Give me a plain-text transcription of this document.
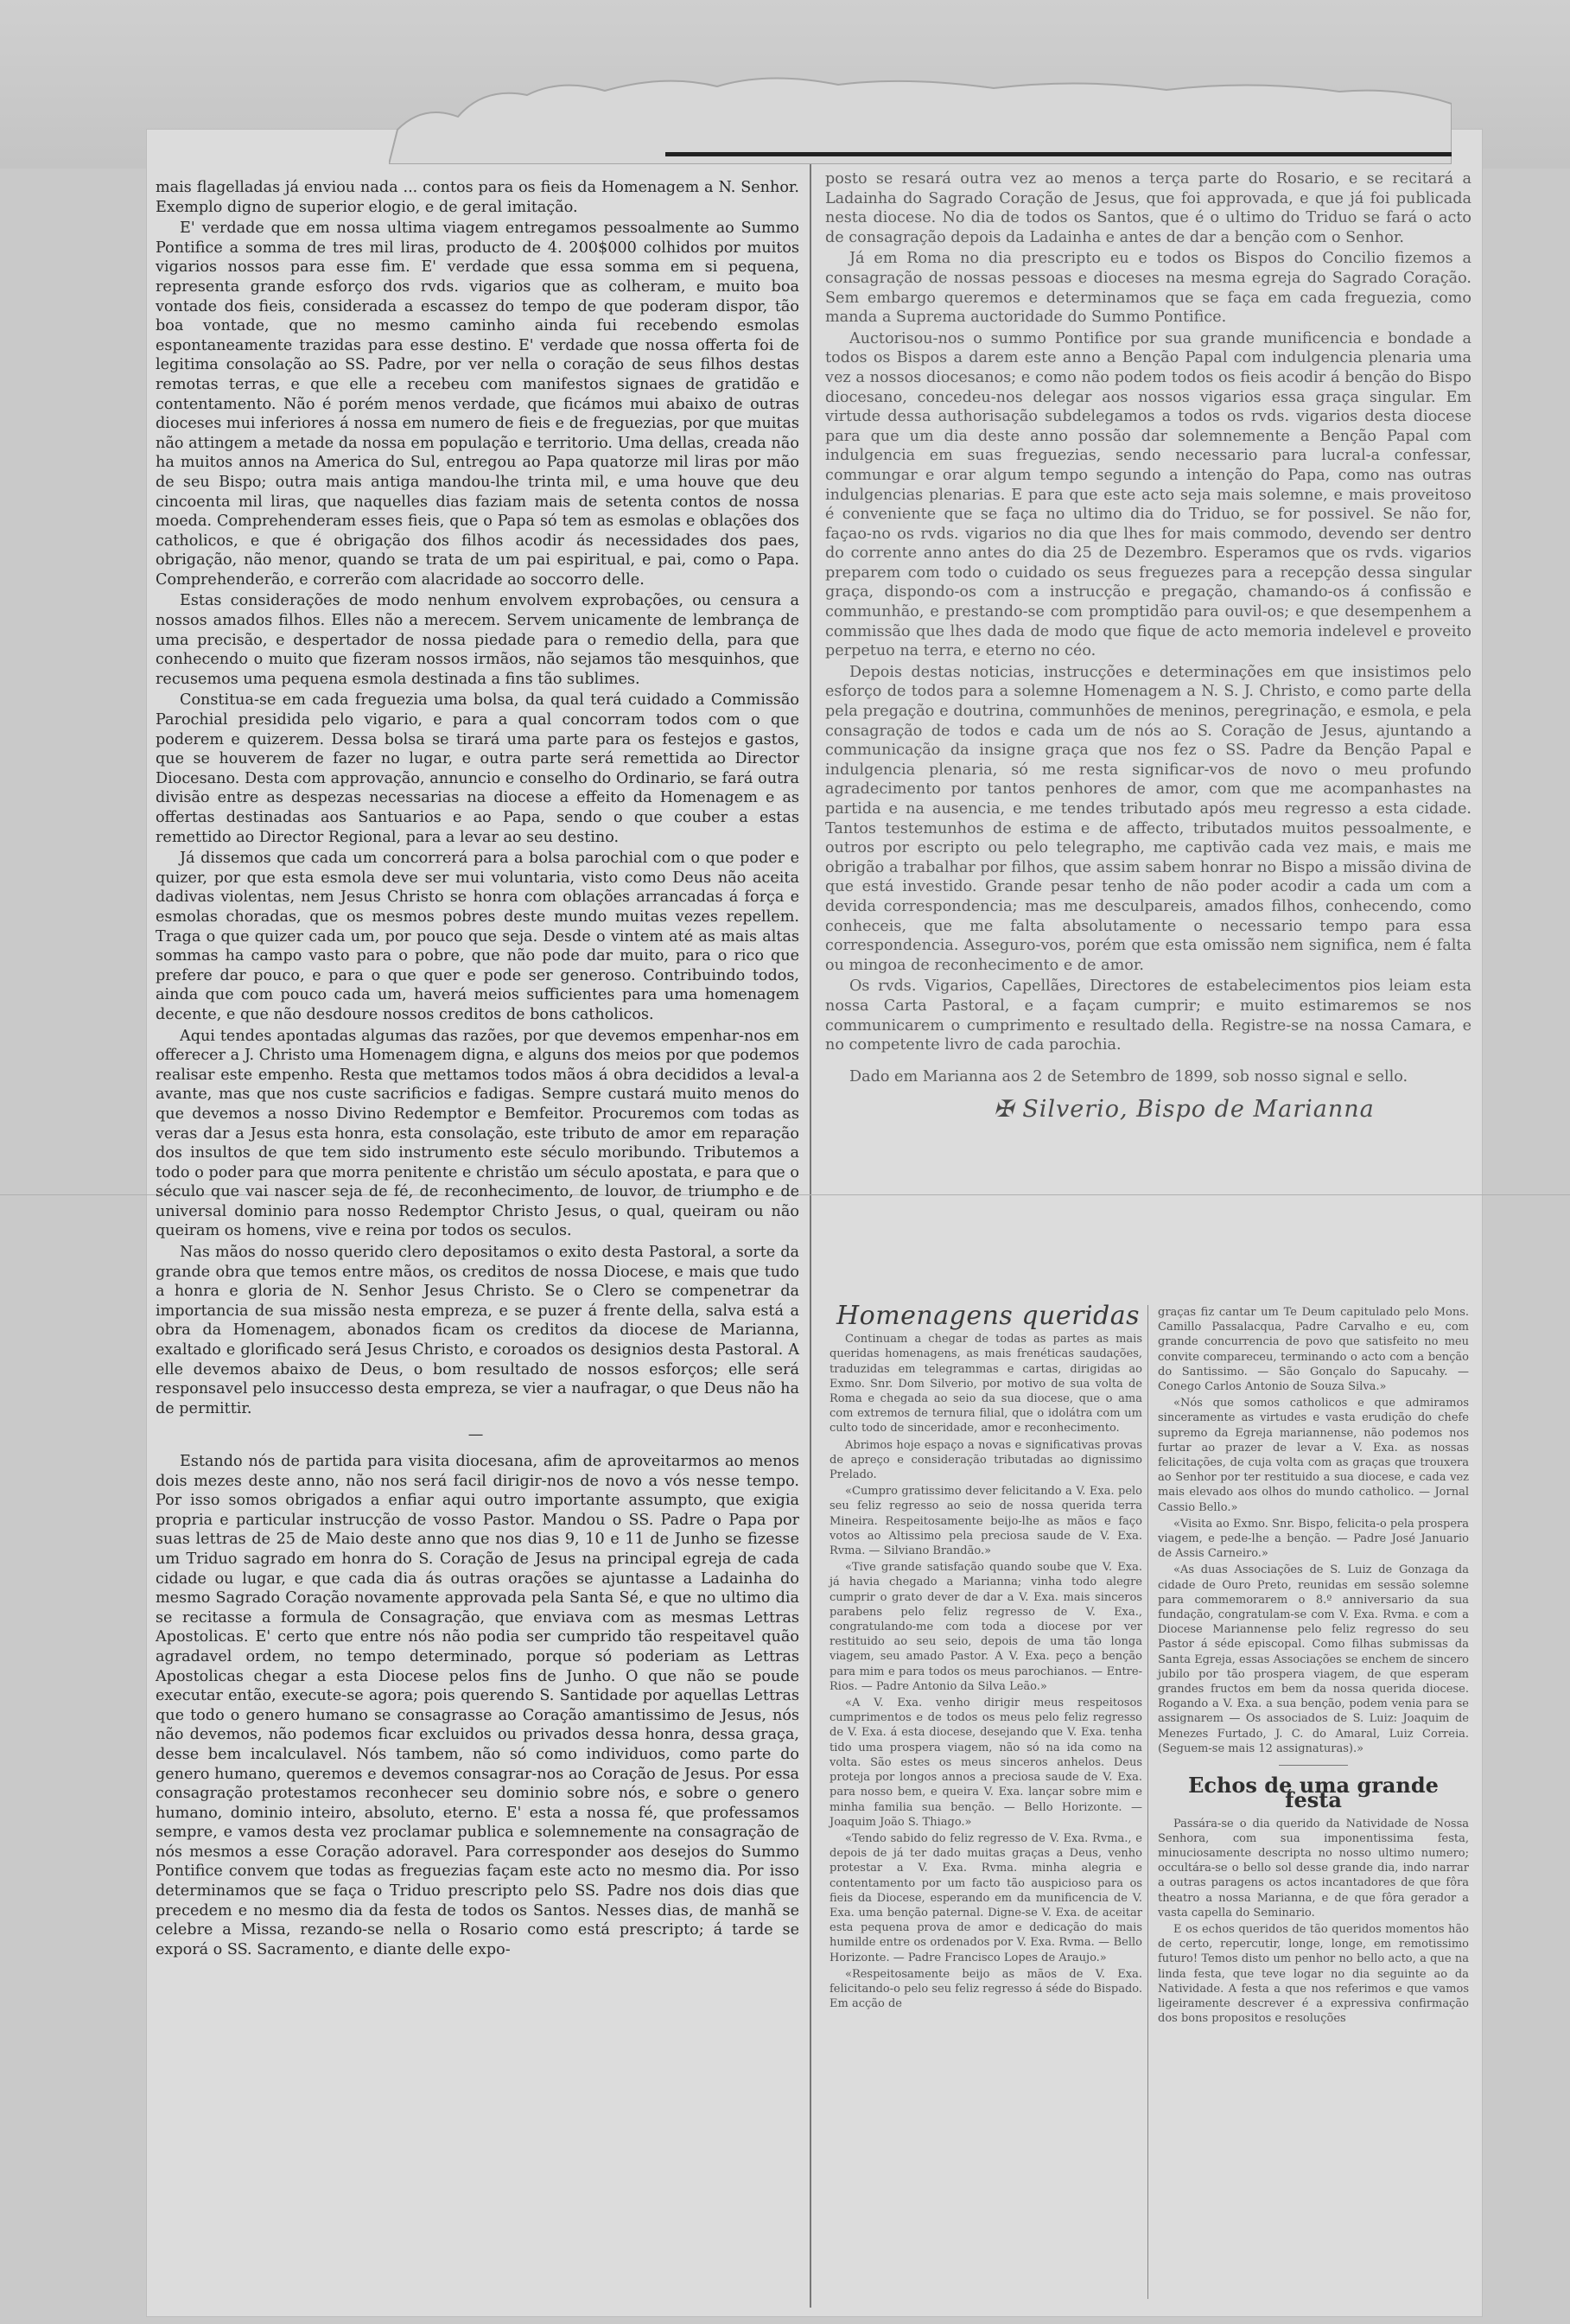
mais flagelladas já enviou nada ... contos para os fieis da Homenagem a N. Senhor. Exemplo digno de superior elogio, e de geral imitação.

E' verdade que em nossa ultima viagem entregamos pessoalmente ao Summo Pontifice a somma de tres mil liras, producto de 4. 200$000 colhidos por muitos vigarios nossos para esse fim. E' verdade que essa somma em si pequena, representa grande esforço dos rvds. vigarios que as colheram, e muito boa vontade dos fieis, considerada a escassez do tempo de que poderam dispor, tão boa vontade, que no mesmo caminho ainda fui recebendo esmolas espontaneamente trazidas para esse destino. E' verdade que nossa offerta foi de legitima consolação ao SS. Padre, por ver nella o coração de seus filhos destas remotas terras, e que elle a recebeu com manifestos signaes de gratidão e contentamento. Não é porém menos verdade, que ficámos mui abaixo de outras dioceses mui inferiores á nossa em numero de fieis e de freguezias, por que muitas não attingem a metade da nossa em população e territorio. Uma dellas, creada não ha muitos annos na America do Sul, entregou ao Papa quatorze mil liras por mão de seu Bispo; outra mais antiga mandou-lhe trinta mil, e uma houve que deu cincoenta mil liras, que naquelles dias faziam mais de setenta contos de nossa moeda. Comprehenderam esses fieis, que o Papa só tem as esmolas e oblações dos catholicos, e que é obrigação dos filhos acodir ás necessidades dos paes, obrigação, não menor, quando se trata de um pai espiritual, e pai, como o Papa. Comprehenderão, e correrão com alacridade ao soccorro delle.

Estas considerações de modo nenhum envolvem exprobações, ou censura a nossos amados filhos. Elles não a merecem. Servem unicamente de lembrança de uma precisão, e despertador de nossa piedade para o remedio della, para que conhecendo o muito que fizeram nossos irmãos, não sejamos tão mesquinhos, que recusemos uma pequena esmola destinada a fins tão sublimes.

Constitua-se em cada freguezia uma bolsa, da qual terá cuidado a Commissão Parochial presidida pelo vigario, e para a qual concorram todos com o que poderem e quizerem. Dessa bolsa se tirará uma parte para os festejos e gastos, que se houverem de fazer no lugar, e outra parte será remettida ao Director Diocesano. Desta com approvação, annuncio e conselho do Ordinario, se fará outra divisão entre as despezas necessarias na diocese a effeito da Homenagem e as offertas destinadas aos Santuarios e ao Papa, sendo o que couber a estas remettido ao Director Regional, para a levar ao seu destino.

Já dissemos que cada um concorrerá para a bolsa parochial com o que poder e quizer, por que esta esmola deve ser mui voluntaria, visto como Deus não aceita dadivas violentas, nem Jesus Christo se honra com oblações arrancadas á força e esmolas choradas, que os mesmos pobres deste mundo muitas vezes repellem. Traga o que quizer cada um, por pouco que seja. Desde o vintem até as mais altas sommas ha campo vasto para o pobre, que não pode dar muito, para o rico que prefere dar pouco, e para o que quer e pode ser generoso. Contribuindo todos, ainda que com pouco cada um, haverá meios sufficientes para uma homenagem decente, e que não desdoure nossos creditos de bons catholicos.

Aqui tendes apontadas algumas das razões, por que devemos empenhar-nos em offerecer a J. Christo uma Homenagem digna, e alguns dos meios por que podemos realisar este empenho. Resta que mettamos todos mãos á obra decididos a leval-a avante, mas que nos custe sacrificios e fadigas. Sempre custará muito menos do que devemos a nosso Divino Redemptor e Bemfeitor. Procuremos com todas as veras dar a Jesus esta honra, esta consolação, este tributo de amor em reparação dos insultos de que tem sido instrumento este século moribundo. Tributemos a todo o poder para que morra penitente e christão um século apostata, e para que o século que vai nascer seja de fé, de reconhecimento, de louvor, de triumpho e de universal dominio para nosso Redemptor Christo Jesus, o qual, queiram ou não queiram os homens, vive e reina por todos os seculos.

Nas mãos do nosso querido clero depositamos o exito desta Pastoral, a sorte da grande obra que temos entre mãos, os creditos de nossa Diocese, e mais que tudo a honra e gloria de N. Senhor Jesus Christo. Se o Clero se compenetrar da importancia de sua missão nesta empreza, e se puzer á frente della, salva está a obra da Homenagem, abonados ficam os creditos da diocese de Marianna, exaltado e glorificado será Jesus Christo, e coroados os designios desta Pastoral. A elle devemos abaixo de Deus, o bom resultado de nossos esforços; elle será responsavel pelo insuccesso desta empreza, se vier a naufragar, o que Deus não ha de permittir.

—

Estando nós de partida para visita diocesana, afim de aproveitarmos ao menos dois mezes deste anno, não nos será facil dirigir-nos de novo a vós nesse tempo. Por isso somos obrigados a enfiar aqui outro importante assumpto, que exigia propria e particular instrucção de vosso Pastor. Mandou o SS. Padre o Papa por suas lettras de 25 de Maio deste anno que nos dias 9, 10 e 11 de Junho se fizesse um Triduo sagrado em honra do S. Coração de Jesus na principal egreja de cada cidade ou lugar, e que cada dia ás outras orações se ajuntasse a Ladainha do mesmo Sagrado Coração novamente approvada pela Santa Sé, e que no ultimo dia se recitasse a formula de Consagração, que enviava com as mesmas Lettras Apostolicas. E' certo que entre nós não podia ser cumprido tão respeitavel quão agradavel ordem, no tempo determinado, porque só poderiam as Lettras Apostolicas chegar a esta Diocese pelos fins de Junho. O que não se poude executar então, execute-se agora; pois querendo S. Santidade por aquellas Lettras que todo o genero humano se consagrasse ao Coração amantissimo de Jesus, nós não devemos, não podemos ficar excluidos ou privados dessa honra, dessa graça, desse bem incalculavel. Nós tambem, não só como individuos, como parte do genero humano, queremos e devemos consagrar-nos ao Coração de Jesus. Por essa consagração protestamos reconhecer seu dominio sobre nós, e sobre o genero humano, dominio inteiro, absoluto, eterno. E' esta a nossa fé, que professamos sempre, e vamos desta vez proclamar publica e solemnemente na consagração de nós mesmos a esse Coração adoravel. Para corresponder aos desejos do Summo Pontifice convem que todas as freguezias façam este acto no mesmo dia. Por isso determinamos que se faça o Triduo prescripto pelo SS. Padre nos dois dias que precedem e no mesmo dia da festa de todos os Santos. Nesses dias, de manhã se celebre a Missa, rezando-se nella o Rosario como está prescripto; á tarde se exporá o SS. Sacramento, e diante delle expo-

posto se resará outra vez ao menos a terça parte do Rosario, e se recitará a Ladainha do Sagrado Coração de Jesus, que foi approvada, e que já foi publicada nesta diocese. No dia de todos os Santos, que é o ultimo do Triduo se fará o acto de consagração depois da Ladainha e antes de dar a benção com o Senhor.

Já em Roma no dia prescripto eu e todos os Bispos do Concilio fizemos a consagração de nossas pessoas e dioceses na mesma egreja do Sagrado Coração. Sem embargo queremos e determinamos que se faça em cada freguezia, como manda a Suprema auctoridade do Summo Pontifice.

Auctorisou-nos o summo Pontifice por sua grande munificencia e bondade a todos os Bispos a darem este anno a Benção Papal com indulgencia plenaria uma vez a nossos diocesanos; e como não podem todos os fieis acodir á benção do Bispo diocesano, concedeu-nos delegar aos nossos vigarios essa graça singular. Em virtude dessa authorisação subdelegamos a todos os rvds. vigarios desta diocese para que um dia deste anno possão dar solemnemente a Benção Papal com indulgencia em suas freguezias, sendo necessario para lucral-a confessar, commungar e orar algum tempo segundo a intenção do Papa, como nas outras indulgencias plenarias. E para que este acto seja mais solemne, e mais proveitoso é conveniente que se faça no ultimo dia do Triduo, se for possivel. Se não for, façao-no os rvds. vigarios no dia que lhes for mais commodo, devendo ser dentro do corrente anno antes do dia 25 de Dezembro. Esperamos que os rvds. vigarios preparem com todo o cuidado os seus freguezes para a recepção dessa singular graça, dispondo-os com a instrucção e pregação, chamando-os á confissão e communhão, e prestando-se com promptidão para ouvil-os; e que desempenhem a commissão que lhes dada de modo que fique de acto memoria indelevel e proveito perpetuo na terra, e eterno no céo.

Depois destas noticias, instrucções e determinações em que insistimos pelo esforço de todos para a solemne Homenagem a N. S. J. Christo, e como parte della pela pregação e doutrina, communhões de meninos, peregrinação, e esmola, e pela consagração de todos e cada um de nós ao S. Coração de Jesus, ajuntando a communicação da insigne graça que nos fez o SS. Padre da Benção Papal e indulgencia plenaria, só me resta significar-vos de novo o meu profundo agradecimento por tantos penhores de amor, com que me acompanhastes na partida e na ausencia, e me tendes tributado após meu regresso a esta cidade. Tantos testemunhos de estima e de affecto, tributados muitos pessoalmente, e outros por escripto ou pelo telegrapho, me captivão cada vez mais, e mais me obrigão a trabalhar por filhos, que assim sabem honrar no Bispo a missão divina de que está investido. Grande pesar tenho de não poder acodir a cada um com a devida correspondencia; mas me desculpareis, amados filhos, conhecendo, como conheceis, que me falta absolutamente o necessario tempo para essa correspondencia. Asseguro-vos, porém que esta omissão nem significa, nem é falta ou mingoa de reconhecimento e de amor.

Os rvds. Vigarios, Capellães, Directores de estabelecimentos pios leiam esta nossa Carta Pastoral, e a façam cumprir; e muito estimaremos se nos communicarem o cumprimento e resultado della. Registre-se na nossa Camara, e no competente livro de cada parochia.

Dado em Marianna aos 2 de Setembro de 1899, sob nosso signal e sello.

✠ Silverio, Bispo de Marianna
Homenagens queridas

Continuam a chegar de todas as partes as mais queridas homenagens, as mais frenéticas saudações, traduzidas em telegrammas e cartas, dirigidas ao Exmo. Snr. Dom Silverio, por motivo de sua volta de Roma e chegada ao seio da sua diocese, que o ama com extremos de ternura filial, que o idolátra com um culto todo de sinceridade, amor e reconhecimento.

Abrimos hoje espaço a novas e significativas provas de apreço e consideração tributadas ao dignissimo Prelado.

«Cumpro gratissimo dever felicitando a V. Exa. pelo seu feliz regresso ao seio de nossa querida terra Mineira. Respeitosamente beijo-lhe as mãos e faço votos ao Altissimo pela preciosa saude de V. Exa. Rvma. — Silviano Brandão.»

«Tive grande satisfação quando soube que V. Exa. já havia chegado a Marianna; vinha todo alegre cumprir o grato dever de dar a V. Exa. mais sinceros parabens pelo feliz regresso de V. Exa., congratulando-me com toda a diocese por ver restituido ao seu seio, depois de uma tão longa viagem, seu amado Pastor. A V. Exa. peço a benção para mim e para todos os meus parochianos. — Entre-Rios. — Padre Antonio da Silva Leão.»

«A V. Exa. venho dirigir meus respeitosos cumprimentos e de todos os meus pelo feliz regresso de V. Exa. á esta diocese, desejando que V. Exa. tenha tido uma prospera viagem, não só na ida como na volta. São estes os meus sinceros anhelos. Deus proteja por longos annos a preciosa saude de V. Exa. para nosso bem, e queira V. Exa. lançar sobre mim e minha familia sua benção. — Bello Horizonte. — Joaquim João S. Thiago.»

«Tendo sabido do feliz regresso de V. Exa. Rvma., e depois de já ter dado muitas graças a Deus, venho protestar a V. Exa. Rvma. minha alegria e contentamento por um facto tão auspicioso para os fieis da Diocese, esperando em da munificencia de V. Exa. uma benção paternal. Digne-se V. Exa. de aceitar esta pequena prova de amor e dedicação do mais humilde entre os ordenados por V. Exa. Rvma. — Bello Horizonte. — Padre Francisco Lopes de Araujo.»

«Respeitosamente beijo as mãos de V. Exa. felicitando-o pelo seu feliz regresso á séde do Bispado. Em acção de

graças fiz cantar um Te Deum capitulado pelo Mons. Camillo Passalacqua, Padre Carvalho e eu, com grande concurrencia de povo que satisfeito no meu convite compareceu, terminando o acto com a benção do Santissimo. — São Gonçalo do Sapucahy. — Conego Carlos Antonio de Souza Silva.»

«Nós que somos catholicos e que admiramos sinceramente as virtudes e vasta erudição do chefe supremo da Egreja mariannense, não podemos nos furtar ao prazer de levar a V. Exa. as nossas felicitações, de cuja volta com as graças que trouxera ao Senhor por ter restituido a sua diocese, e cada vez mais elevado aos olhos do mundo catholico. — Jornal Cassio Bello.»

«Visita ao Exmo. Snr. Bispo, felicita-o pela prospera viagem, e pede-lhe a benção. — Padre José Januario de Assis Carneiro.»

«As duas Associações de S. Luiz de Gonzaga da cidade de Ouro Preto, reunidas em sessão solemne para commemorarem o 8.º anniversario da sua fundação, congratulam-se com V. Exa. Rvma. e com a Diocese Mariannense pelo feliz regresso do seu Pastor á séde episcopal. Como filhas submissas da Santa Egreja, essas Associações se enchem de sincero jubilo por tão prospera viagem, de que esperam grandes fructos em bem da nossa querida diocese. Rogando a V. Exa. a sua benção, podem venia para se assignarem — Os associados de S. Luiz: Joaquim de Menezes Furtado, J. C. do Amaral, Luiz Correia. (Seguem-se mais 12 assignaturas).»

Echos de uma grande festa

Passára-se o dia querido da Natividade de Nossa Senhora, com sua imponentissima festa, minuciosamente descripta no nosso ultimo numero; occultára-se o bello sol desse grande dia, indo narrar a outras paragens os actos incantadores de que fôra theatro a nossa Marianna, e de que fôra gerador a vasta capella do Seminario.

E os echos queridos de tão queridos momentos hão de certo, repercutir, longe, longe, em remotissimo futuro! Temos disto um penhor no bello acto, a que na linda festa, que teve logar no dia seguinte ao da Natividade. A festa a que nos referimos e que vamos ligeiramente descrever é a expressiva confirmação dos bons propositos e resoluções
